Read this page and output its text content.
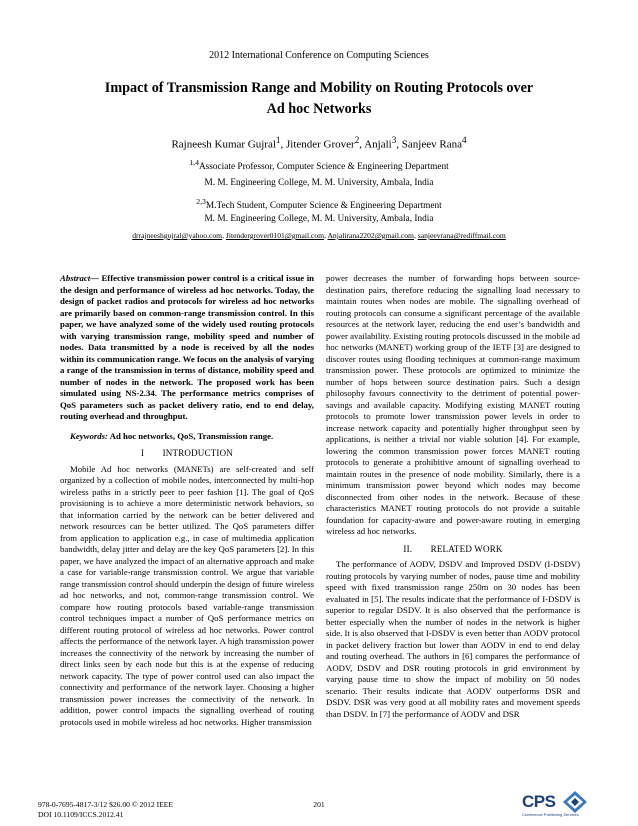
2012 International Conference on Computing Sciences
Impact of Transmission Range and Mobility on Routing Protocols over
Ad hoc Networks
Rajneesh Kumar Gujral$^1$, Jitender Grover$^2$, Anjali$^3$, Sanjeev Rana$^4$
$^{1,4}$Associate Professor, Computer Science & Engineering Department
M. M. Engineering College, M. M. University, Ambala, India
$^{2,3}$M.Tech Student, Computer Science & Engineering Department
M. M. Engineering College, M. M. University, Ambala, India
drrajneeshgujral@yahoo.com, Jitendergrover0101@gmail.com, Anjalirana2202@gmail.com, sanjeevrana@rediffmail.com

Abstract— Effective transmission power control is a critical issue in the design and performance of wireless ad hoc networks. Today, the design of packet radios and protocols for wireless ad hoc networks are primarily based on common-range transmission control. In this paper, we have analyzed some of the widely used routing protocols with varying transmission range, mobility speed and number of nodes. Data transmitted by a node is received by all the nodes within its communication range. We focus on the analysis of varying a range of the transmission in terms of distance, mobility speed and number of nodes in the network. The proposed work has been simulated using NS-2.34. The performance metrics comprises of QoS parameters such as packet delivery ratio, end to end delay, routing overhead and throughput.

Keywords: Ad hoc networks, QoS, Transmission range.

I  INTRODUCTION

Mobile Ad hoc networks (MANETs) are self-created and self organized by a collection of mobile nodes, interconnected by multi-hop wireless paths in a strictly peer to peer fashion [1]. The goal of QoS provisioning is to achieve a more deterministic network behaviors, so that information carried by the network can be better delivered and network resources can be better utilized. The QoS parameters differ from application to application e.g., in case of multimedia application bandwidth, delay jitter and delay are the key QoS parameters [2]. In this paper, we have analyzed the impact of an alternative approach and make a case for variable-range transmission control. We argue that variable range transmission control should underpin the design of future wireless ad hoc networks, and not, common-range transmission control. We compare how routing protocols based variable-range transmission control techniques impact a number of QoS performance metrics on different routing protocol of wireless ad hoc networks. Power control affects the performance of the network layer. A high transmission power increases the connectivity of the network by increasing the number of direct links seen by each node but this is at the expense of reducing network capacity. The type of power control used can also impact the connectivity and performance of the network layer. Choosing a higher transmission power increases the connectivity of the network. In addition, power control impacts the signalling overhead of routing protocols used in mobile wireless ad hoc networks. Higher transmission

power decreases the number of forwarding hops between source-destination pairs, therefore reducing the signalling load necessary to maintain routes when nodes are mobile. The signalling overhead of routing protocols can consume a significant percentage of the available resources at the network layer, reducing the end user’s bandwidth and power availability. Existing routing protocols discussed in the mobile ad hoc networks (MANET) working group of the IETF [3] are designed to discover routes using flooding techniques at common-range maximum transmission power. These protocols are optimized to minimize the number of hops between source destination pairs. Such a design philosophy favours connectivity to the detriment of potential power-savings and available capacity. Modifying existing MANET routing protocols to promote lower transmission power levels in order to increase network capacity and potentially higher throughput seen by applications, is neither a trivial nor viable solution [4]. For example, lowering the common transmission power forces MANET routing protocols to generate a prohibitive amount of signalling overhead to maintain routes in the presence of node mobility. Similarly, there is a minimum transmission power beyond which nodes may become disconnected from other nodes in the network. Because of these characteristics MANET routing protocols do not provide a suitable foundation for capacity-aware and power-aware routing in emerging wireless ad hoc networks.

II.  RELATED WORK

The performance of AODV, DSDV and Improved DSDV (I-DSDV) routing protocols by varying number of nodes, pause time and mobility speed with fixed transmission range 250m on 30 nodes has been evaluated in [5]. The results indicate that the performance of I-DSDV is superior to regular DSDV. It is also observed that the performance is better especially when the number of nodes in the network is higher side. It is also observed that I-DSDV is even better than AODV protocol in packet delivery fraction but lower than AODV in end to end delay and routing overhead. The authors in [6] compares the performance of AODV, DSDV and DSR routing protocols in grid environment by varying pause time to show the impact of mobility on 50 nodes scenario. Their results indicate that AODV outperforms DSR and DSDV. DSR was very good at all mobility rates and movement speeds than DSDV. In [7] the performance of AODV and DSR

978-0-7695-4817-3/12 $26.00 © 2012 IEEE
DOI 10.1109/ICCS.2012.41
201	CPS
Conference Publishing Services
